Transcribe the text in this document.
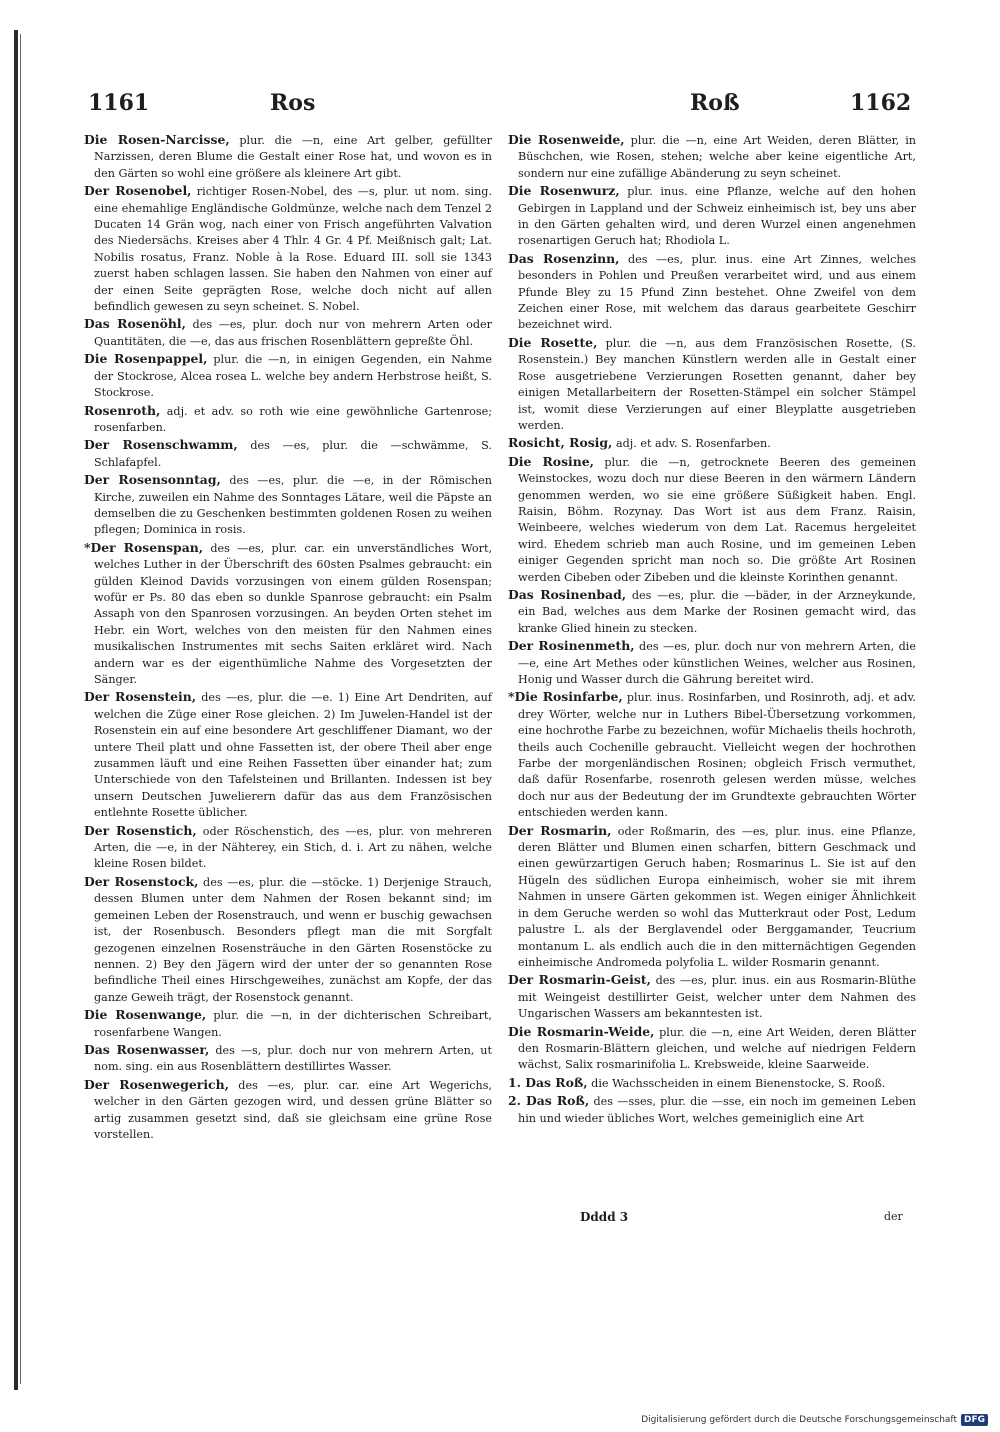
1161	Ros	Roß	1162

Die Rosen-Narcisse, plur. die —n, eine Art gelber, gefüllter Narzissen, deren Blume die Gestalt einer Rose hat, und wovon es in den Gärten so wohl eine größere als kleinere Art gibt.

Der Rosenobel, richtiger Rosen-Nobel, des —s, plur. ut nom. sing. eine ehemahlige Engländische Goldmünze, welche nach dem Tenzel 2 Ducaten 14 Grän wog, nach einer von Frisch angeführten Valvation des Niedersächs. Kreises aber 4 Thlr. 4 Gr. 4 Pf. Meißnisch galt; Lat. Nobilis rosatus, Franz. Noble à la Rose. Eduard III. soll sie 1343 zuerst haben schlagen lassen. Sie haben den Nahmen von einer auf der einen Seite geprägten Rose, welche doch nicht auf allen befindlich gewesen zu seyn scheinet. S. Nobel.

Das Rosenöhl, des —es, plur. doch nur von mehrern Arten oder Quantitäten, die —e, das aus frischen Rosenblättern gepreßte Öhl.

Die Rosenpappel, plur. die —n, in einigen Gegenden, ein Nahme der Stockrose, Alcea rosea L. welche bey andern Herbstrose heißt, S. Stockrose.

Rosenroth, adj. et adv. so roth wie eine gewöhnliche Gartenrose; rosenfarben.

Der Rosenschwamm, des —es, plur. die —schwämme, S. Schlafapfel.

Der Rosensonntag, des —es, plur. die —e, in der Römischen Kirche, zuweilen ein Nahme des Sonntages Lätare, weil die Päpste an demselben die zu Geschenken bestimmten goldenen Rosen zu weihen pflegen; Dominica in rosis.

*Der Rosenspan, des —es, plur. car. ein unverständliches Wort, welches Luther in der Überschrift des 60sten Psalmes gebraucht: ein gülden Kleinod Davids vorzusingen von einem gülden Rosenspan; wofür er Ps. 80 das eben so dunkle Spanrose gebraucht: ein Psalm Assaph von den Spanrosen vorzusingen. An beyden Orten stehet im Hebr. ein Wort, welches von den meisten für den Nahmen eines musikalischen Instrumentes mit sechs Saiten erkläret wird. Nach andern war es der eigenthümliche Nahme des Vorgesetzten der Sänger.

Der Rosenstein, des —es, plur. die —e. 1) Eine Art Dendriten, auf welchen die Züge einer Rose gleichen. 2) Im Juwelen-Handel ist der Rosenstein ein auf eine besondere Art geschliffener Diamant, wo der untere Theil platt und ohne Fassetten ist, der obere Theil aber enge zusammen läuft und eine Reihen Fassetten über einander hat; zum Unterschiede von den Tafelsteinen und Brillanten. Indessen ist bey unsern Deutschen Juwelierern dafür das aus dem Französischen entlehnte Rosette üblicher.

Der Rosenstich, oder Röschenstich, des —es, plur. von mehreren Arten, die —e, in der Nähterey, ein Stich, d. i. Art zu nähen, welche kleine Rosen bildet.

Der Rosenstock, des —es, plur. die —stöcke. 1) Derjenige Strauch, dessen Blumen unter dem Nahmen der Rosen bekannt sind; im gemeinen Leben der Rosenstrauch, und wenn er buschig gewachsen ist, der Rosenbusch. Besonders pflegt man die mit Sorgfalt gezogenen einzelnen Rosensträuche in den Gärten Rosenstöcke zu nennen. 2) Bey den Jägern wird der unter der so genannten Rose befindliche Theil eines Hirschgeweihes, zunächst am Kopfe, der das ganze Geweih trägt, der Rosenstock genannt.

Die Rosenwange, plur. die —n, in der dichterischen Schreibart, rosenfarbene Wangen.

Das Rosenwasser, des —s, plur. doch nur von mehrern Arten, ut nom. sing. ein aus Rosenblättern destillirtes Wasser.

Der Rosenwegerich, des —es, plur. car. eine Art Wegerichs, welcher in den Gärten gezogen wird, und dessen grüne Blätter so artig zusammen gesetzt sind, daß sie gleichsam eine grüne Rose vorstellen.

Die Rosenweide, plur. die —n, eine Art Weiden, deren Blätter, in Büschchen, wie Rosen, stehen; welche aber keine eigentliche Art, sondern nur eine zufällige Abänderung zu seyn scheinet.

Die Rosenwurz, plur. inus. eine Pflanze, welche auf den hohen Gebirgen in Lappland und der Schweiz einheimisch ist, bey uns aber in den Gärten gehalten wird, und deren Wurzel einen angenehmen rosenartigen Geruch hat; Rhodiola L.

Das Rosenzinn, des —es, plur. inus. eine Art Zinnes, welches besonders in Pohlen und Preußen verarbeitet wird, und aus einem Pfunde Bley zu 15 Pfund Zinn bestehet. Ohne Zweifel von dem Zeichen einer Rose, mit welchem das daraus gearbeitete Geschirr bezeichnet wird.

Die Rosette, plur. die —n, aus dem Französischen Rosette, (S. Rosenstein.) Bey manchen Künstlern werden alle in Gestalt einer Rose ausgetriebene Verzierungen Rosetten genannt, daher bey einigen Metallarbeitern der Rosetten-Stämpel ein solcher Stämpel ist, womit diese Verzierungen auf einer Bleyplatte ausgetrieben werden.

Rosicht, Rosig, adj. et adv. S. Rosenfarben.

Die Rosine, plur. die —n, getrocknete Beeren des gemeinen Weinstockes, wozu doch nur diese Beeren in den wärmern Ländern genommen werden, wo sie eine größere Süßigkeit haben. Engl. Raisin, Böhm. Rozynay. Das Wort ist aus dem Franz. Raisin, Weinbeere, welches wiederum von dem Lat. Racemus hergeleitet wird. Ehedem schrieb man auch Rosine, und im gemeinen Leben einiger Gegenden spricht man noch so. Die größte Art Rosinen werden Cibeben oder Zibeben und die kleinste Korinthen genannt.

Das Rosinenbad, des —es, plur. die —bäder, in der Arzneykunde, ein Bad, welches aus dem Marke der Rosinen gemacht wird, das kranke Glied hinein zu stecken.

Der Rosinenmeth, des —es, plur. doch nur von mehrern Arten, die —e, eine Art Methes oder künstlichen Weines, welcher aus Rosinen, Honig und Wasser durch die Gährung bereitet wird.

*Die Rosinfarbe, plur. inus. Rosinfarben, und Rosinroth, adj. et adv. drey Wörter, welche nur in Luthers Bibel-Übersetzung vorkommen, eine hochrothe Farbe zu bezeichnen, wofür Michaelis theils hochroth, theils auch Cochenille gebraucht. Vielleicht wegen der hochrothen Farbe der morgenländischen Rosinen; obgleich Frisch vermuthet, daß dafür Rosenfarbe, rosenroth gelesen werden müsse, welches doch nur aus der Bedeutung der im Grundtexte gebrauchten Wörter entschieden werden kann.

Der Rosmarin, oder Roßmarin, des —es, plur. inus. eine Pflanze, deren Blätter und Blumen einen scharfen, bittern Geschmack und einen gewürzartigen Geruch haben; Rosmarinus L. Sie ist auf den Hügeln des südlichen Europa einheimisch, woher sie mit ihrem Nahmen in unsere Gärten gekommen ist. Wegen einiger Ähnlichkeit in dem Geruche werden so wohl das Mutterkraut oder Post, Ledum palustre L. als der Berglavendel oder Berggamander, Teucrium montanum L. als endlich auch die in den mitternächtigen Gegenden einheimische Andromeda polyfolia L. wilder Rosmarin genannt.

Der Rosmarin-Geist, des —es, plur. inus. ein aus Rosmarin-Blüthe mit Weingeist destillirter Geist, welcher unter dem Nahmen des Ungarischen Wassers am bekanntesten ist.

Die Rosmarin-Weide, plur. die —n, eine Art Weiden, deren Blätter den Rosmarin-Blättern gleichen, und welche auf niedrigen Feldern wächst, Salix rosmarinifolia L. Krebsweide, kleine Saarweide.

1. Das Roß, die Wachsscheiden in einem Bienenstocke, S. Rooß.

2. Das Roß, des —sses, plur. die —sse, ein noch im gemeinen Leben hin und wieder übliches Wort, welches gemeiniglich eine Art

Dddd 3	der
Digitalisierung gefördert durch die Deutsche Forschungsgemeinschaft DFG
